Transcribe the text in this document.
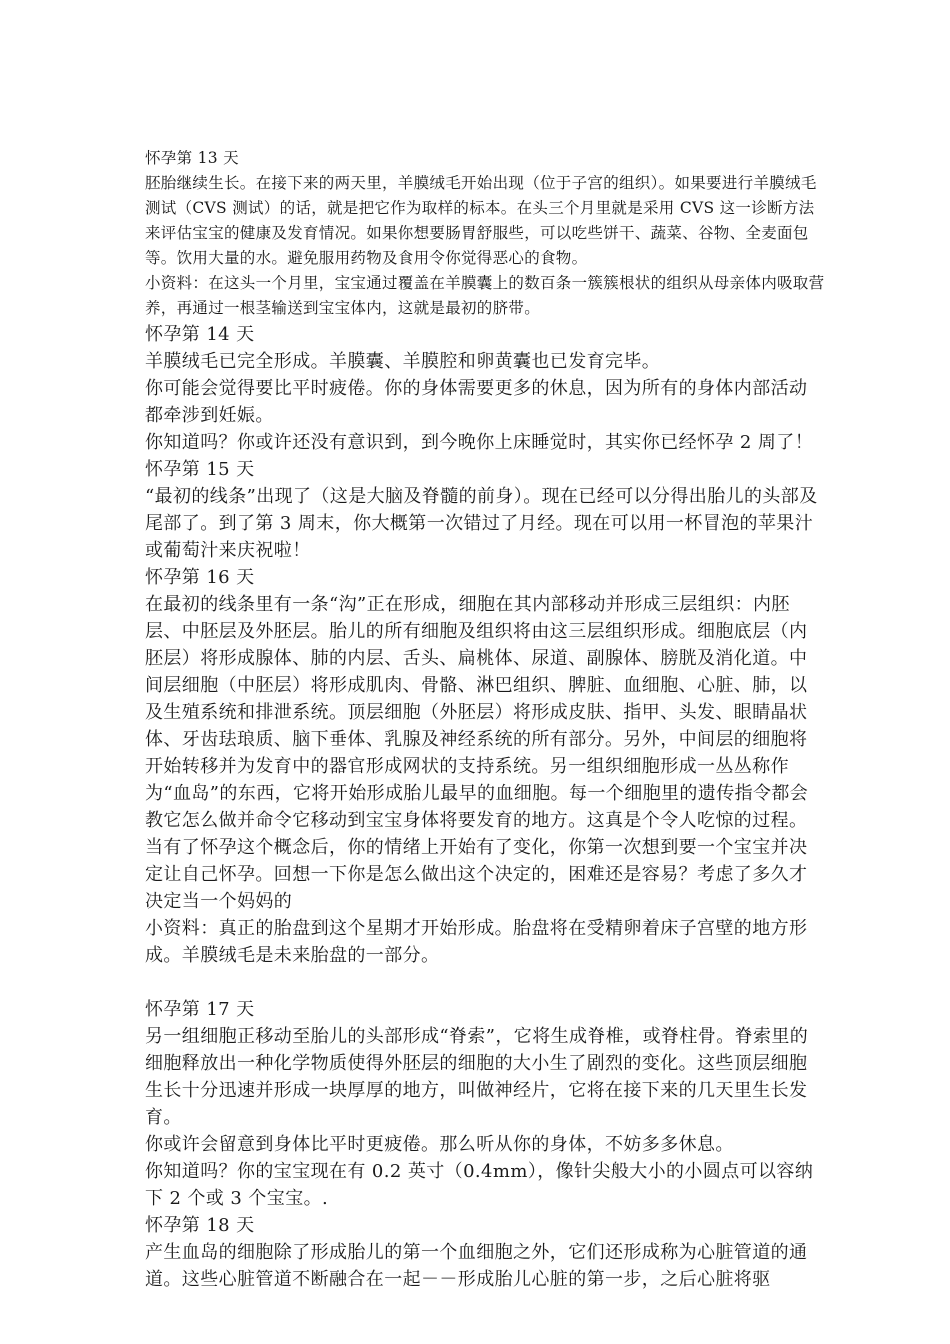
怀孕第 13 天

胚胎继续生长。在接下来的两天里，羊膜绒毛开始出现（位于子宫的组织）。如果要进行羊膜绒毛测试（CVS 测试）的话，就是把它作为取样的标本。在头三个月里就是采用 CVS 这一诊断方法来评估宝宝的健康及发育情况。如果你想要肠胃舒服些，可以吃些饼干、蔬菜、谷物、全麦面包等。饮用大量的水。避免服用药物及食用令你觉得恶心的食物。

小资料：在这头一个月里，宝宝通过覆盖在羊膜囊上的数百条一簇簇根状的组织从母亲体内吸取营养，再通过一根茎输送到宝宝体内，这就是最初的脐带。

怀孕第 14 天

羊膜绒毛已完全形成。羊膜囊、羊膜腔和卵黄囊也已发育完毕。

你可能会觉得要比平时疲倦。你的身体需要更多的休息，因为所有的身体内部活动都牵涉到妊娠。

你知道吗？你或许还没有意识到，到今晚你上床睡觉时，其实你已经怀孕 2 周了！

怀孕第 15 天

“最初的线条”出现了（这是大脑及脊髓的前身）。现在已经可以分得出胎儿的头部及尾部了。到了第 3 周末，你大概第一次错过了月经。现在可以用一杯冒泡的苹果汁或葡萄汁来庆祝啦！

怀孕第 16 天

在最初的线条里有一条“沟”正在形成，细胞在其内部移动并形成三层组织：内胚层、中胚层及外胚层。胎儿的所有细胞及组织将由这三层组织形成。细胞底层（内胚层）将形成腺体、肺的内层、舌头、扁桃体、尿道、副腺体、膀胱及消化道。中间层细胞（中胚层）将形成肌肉、骨骼、淋巴组织、脾脏、血细胞、心脏、肺，以及生殖系统和排泄系统。顶层细胞（外胚层）将形成皮肤、指甲、头发、眼睛晶状体、牙齿珐琅质、脑下垂体、乳腺及神经系统的所有部分。另外，中间层的细胞将开始转移并为发育中的器官形成网状的支持系统。另一组织细胞形成一丛丛称作为“血岛”的东西，它将开始形成胎儿最早的血细胞。每一个细胞里的遗传指令都会教它怎么做并命令它移动到宝宝身体将要发育的地方。这真是个令人吃惊的过程。

当有了怀孕这个概念后，你的情绪上开始有了变化，你第一次想到要一个宝宝并决定让自己怀孕。回想一下你是怎么做出这个决定的，困难还是容易？考虑了多久才决定当一个妈妈的

小资料：真正的胎盘到这个星期才开始形成。胎盘将在受精卵着床子宫壁的地方形成。羊膜绒毛是未来胎盘的一部分。

怀孕第 17 天

另一组细胞正移动至胎儿的头部形成“脊索”，它将生成脊椎，或脊柱骨。脊索里的细胞释放出一种化学物质使得外胚层的细胞的大小生了剧烈的变化。这些顶层细胞生长十分迅速并形成一块厚厚的地方，叫做神经片，它将在接下来的几天里生长发育。

你或许会留意到身体比平时更疲倦。那么听从你的身体，不妨多多休息。

你知道吗？你的宝宝现在有 0.2 英寸（0.4mm），像针尖般大小的小圆点可以容纳下 2 个或 3 个宝宝。.

怀孕第 18 天

产生血岛的细胞除了形成胎儿的第一个血细胞之外，它们还形成称为心脏管道的通道。这些心脏管道不断融合在一起－－形成胎儿心脏的第一步，之后心脏将驱
